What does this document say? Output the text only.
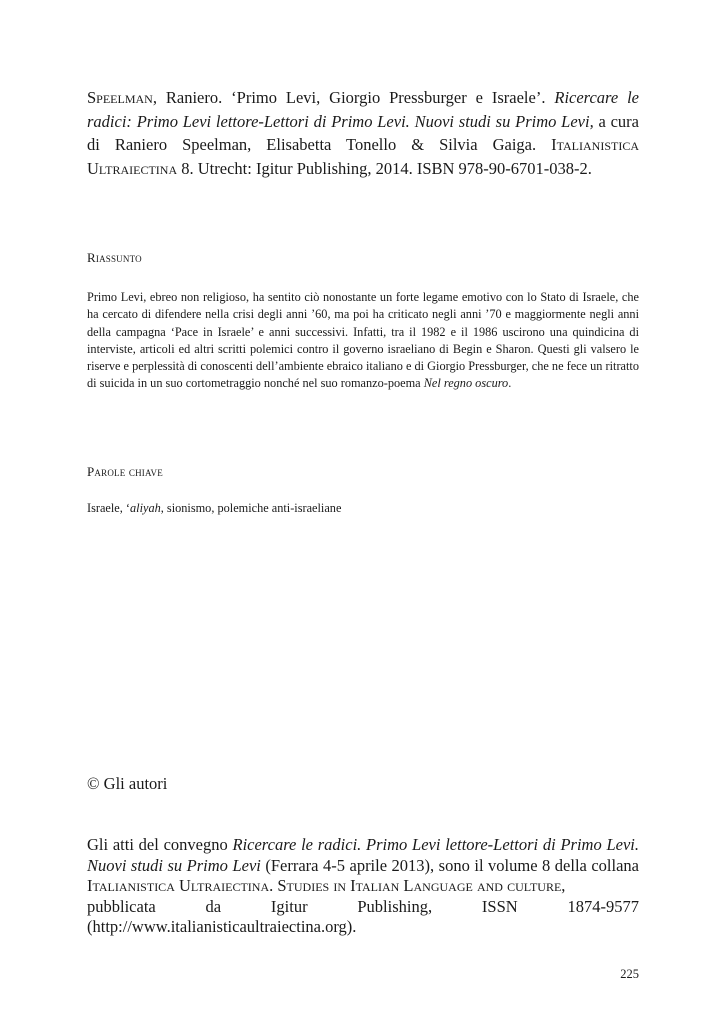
Speelman, Raniero. ‘Primo Levi, Giorgio Pressburger e Israele’. Ricercare le radici: Primo Levi lettore-Lettori di Primo Levi. Nuovi studi su Primo Levi, a cura di Raniero Speelman, Elisabetta Tonello & Silvia Gaiga. Italianistica Ultraiectina 8. Utrecht: Igitur Publishing, 2014. ISBN 978-90-6701-038-2.
Riassunto
Primo Levi, ebreo non religioso, ha sentito ciò nonostante un forte legame emotivo con lo Stato di Israele, che ha cercato di difendere nella crisi degli anni ’60, ma poi ha criticato negli anni ’70 e maggiormente negli anni della campagna ‘Pace in Israele’ e anni successivi. Infatti, tra il 1982 e il 1986 uscirono una quindicina di interviste, articoli ed altri scritti polemici contro il governo israeliano di Begin e Sharon. Questi gli valsero le riserve e perplessità di conoscenti dell’ambiente ebraico italiano e di Giorgio Pressburger, che ne fece un ritratto di suicida in un suo cortometraggio nonché nel suo romanzo-poema Nel regno oscuro.
Parole chiave
Israele, ‘aliyah, sionismo, polemiche anti-israeliane
© Gli autori
Gli atti del convegno Ricercare le radici. Primo Levi lettore-Lettori di Primo Levi. Nuovi studi su Primo Levi (Ferrara 4-5 aprile 2013), sono il volume 8 della collana Italianistica Ultraiectina. Studies in Italian Language and culture,
pubblicata da Igitur Publishing, ISSN 1874-9577
(http://www.italianisticaultraiectina.org).
225
